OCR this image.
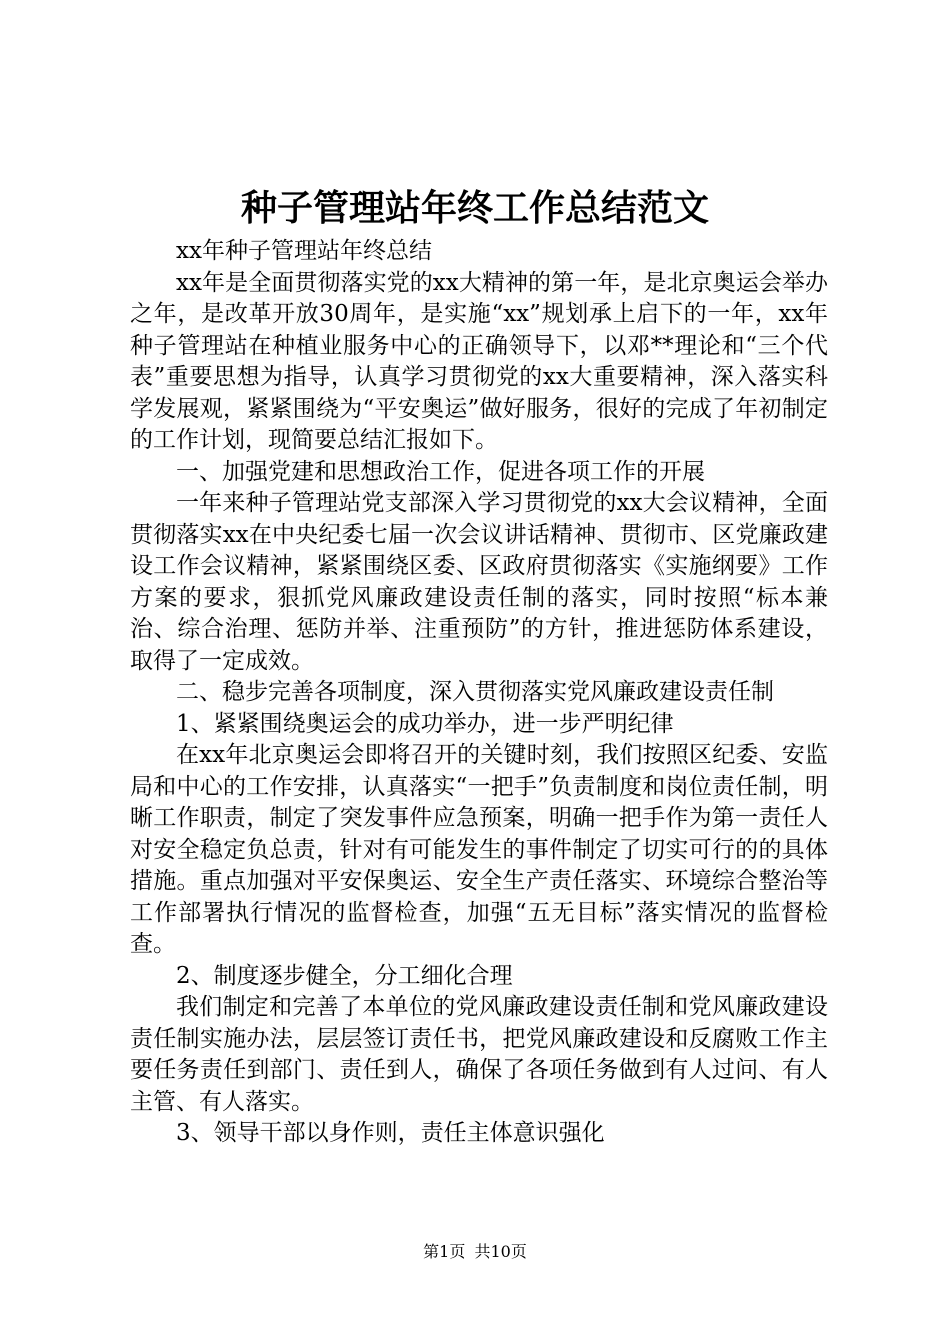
种子管理站年终工作总结范文

xx年种子管理站年终总结

xx年是全面贯彻落实党的xx大精神的第一年，是北京奥运会举办之年，是改革开放30周年，是实施“xx”规划承上启下的一年，xx年种子管理站在种植业服务中心的正确领导下，以邓**理论和“三个代表”重要思想为指导，认真学习贯彻党的xx大重要精神，深入落实科学发展观，紧紧围绕为“平安奥运”做好服务，很好的完成了年初制定的工作计划，现简要总结汇报如下。

一、加强党建和思想政治工作，促进各项工作的开展

一年来种子管理站党支部深入学习贯彻党的xx大会议精神，全面贯彻落实xx在中央纪委七届一次会议讲话精神、贯彻市、区党廉政建设工作会议精神，紧紧围绕区委、区政府贯彻落实《实施纲要》工作方案的要求，狠抓党风廉政建设责任制的落实，同时按照“标本兼治、综合治理、惩防并举、注重预防”的方针，推进惩防体系建设，取得了一定成效。

二、稳步完善各项制度，深入贯彻落实党风廉政建设责任制

1、紧紧围绕奥运会的成功举办，进一步严明纪律

在xx年北京奥运会即将召开的关键时刻，我们按照区纪委、安监局和中心的工作安排，认真落实“一把手”负责制度和岗位责任制，明晰工作职责，制定了突发事件应急预案，明确一把手作为第一责任人对安全稳定负总责，针对有可能发生的事件制定了切实可行的的具体措施。重点加强对平安保奥运、安全生产责任落实、环境综合整治等工作部署执行情况的监督检查，加强“五无目标”落实情况的监督检查。

2、制度逐步健全，分工细化合理

我们制定和完善了本单位的党风廉政建设责任制和党风廉政建设责任制实施办法，层层签订责任书，把党风廉政建设和反腐败工作主要任务责任到部门、责任到人，确保了各项任务做到有人过问、有人主管、有人落实。

3、领导干部以身作则，责任主体意识强化

第1页 共10页
